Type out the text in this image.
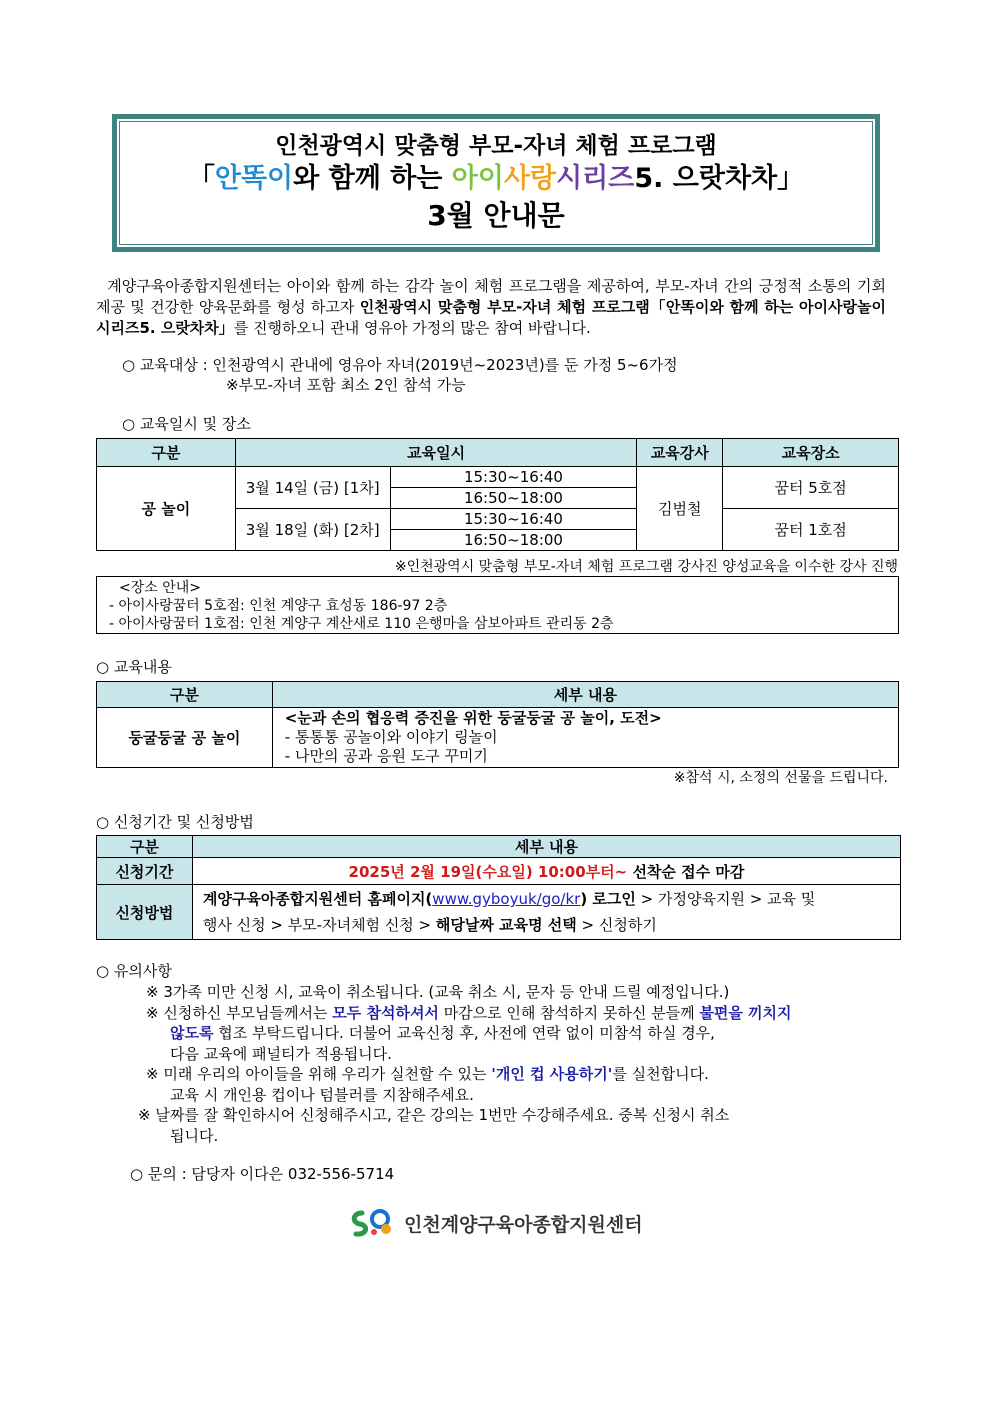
인천광역시 맞춤형 부모-자녀 체험 프로그램
「안똑이와 함께 하는 아이사랑시리즈5. 으랏차차」
3월 안내문
계양구육아종합지원센터는 아이와 함께 하는 감각 놀이 체험 프로그램을 제공하여, 부모-자녀 간의 긍정적 소통의 기회 제공 및 건강한 양육문화를 형성 하고자 인천광역시 맞춤형 부모-자녀 체험 프로그램「안똑이와 함께 하는 아이사랑놀이시리즈5. 으랏차차」를 진행하오니 관내 영유아 가정의 많은 참여 바랍니다.
○ 교육대상 : 인천광역시 관내에 영유아 자녀(2019년~2023년)를 둔 가정 5~6가정
※부모-자녀 포함 최소 2인 참석 가능
○ 교육일시 및 장소
구분	교육일시		교육강사	교육장소
공 놀이	3월 14일 (금) [1차]	15:30~16:40	김범철	꿈터 5호점
		16:50~18:00		
	3월 18일 (화) [2차]	15:30~16:40		꿈터 1호점
		16:50~18:00		
※인천광역시 맞춤형 부모-자녀 체험 프로그램 강사진 양성교육을 이수한 강사 진행
<장소 안내>
- 아이사랑꿈터 5호점: 인천 계양구 효성동 186-97 2층
- 아이사랑꿈터 1호점: 인천 계양구 계산새로 110 은행마을 삼보아파트 관리동 2층
○ 교육내용
구분	세부 내용
둥굴둥굴 공 놀이	<눈과 손의 협응력 증진을 위한 둥굴둥굴 공 놀이, 도전>
- 통통통 공놀이와 이야기 링놀이
- 나만의 공과 응원 도구 꾸미기
※참석 시, 소정의 선물을 드립니다.
○ 신청기간 및 신청방법
구분	세부 내용
신청기간	2025년 2월 19일(수요일) 10:00부터~ 선착순 접수 마감
신청방법	계양구육아종합지원센터 홈페이지(www.gyboyuk/go/kr) 로그인 > 가정양육지원 > 교육 및
행사 신청 > 부모-자녀체험 신청 > 해당날짜 교육명 선택 > 신청하기
○ 유의사항
※ 3가족 미만 신청 시, 교육이 취소됩니다. (교육 취소 시, 문자 등 안내 드릴 예정입니다.)
※ 신청하신 부모님들께서는 모두 참석하셔서 마감으로 인해 참석하지 못하신 분들께 불편을 끼치지
않도록 협조 부탁드립니다. 더불어 교육신청 후, 사전에 연락 없이 미참석 하실 경우,
다음 교육에 패널티가 적용됩니다.
※ 미래 우리의 아이들을 위해 우리가 실천할 수 있는 '개인 컵 사용하기'를 실천합니다.
교육 시 개인용 컵이나 텀블러를 지참해주세요.
※ 날짜를 잘 확인하시어 신청해주시고, 같은 강의는 1번만 수강해주세요. 중복 신청시 취소
됩니다.
○ 문의 : 담당자 이다은 032-556-5714
인천계양구육아종합지원센터
